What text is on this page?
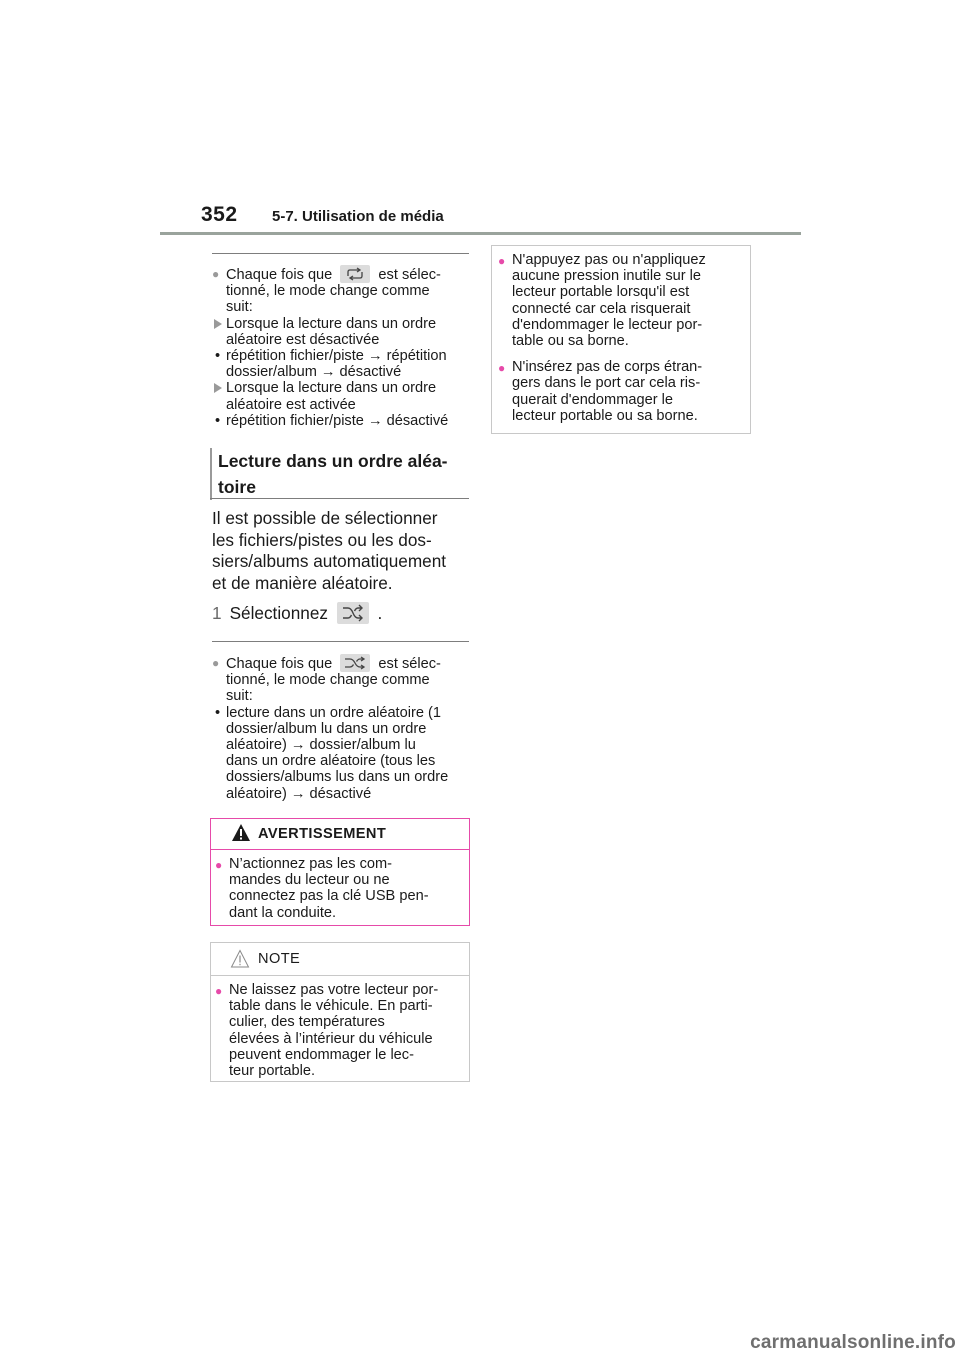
352 5-7. Utilisation de média
● Chaque fois que	est sélec-
tionné, le mode change comme
suit:
Lorsque la lecture dans un ordre
aléatoire est désactivée
• répétition fichier/piste → répétition
dossier/album → désactivé
Lorsque la lecture dans un ordre
aléatoire est activée
• répétition fichier/piste → désactivé
Lecture dans un ordre aléa-
toire
Il est possible de sélectionner
les fichiers/pistes ou les dos-
siers/albums automatiquement
et de manière aléatoire.
1 Sélectionnez	.
● Chaque fois que	est sélec-
tionné, le mode change comme
suit:
• lecture dans un ordre aléatoire (1
dossier/album lu dans un ordre
aléatoire) → dossier/album lu
dans un ordre aléatoire (tous les
dossiers/albums lus dans un ordre
aléatoire) → désactivé
AVERTISSEMENT
● N’actionnez pas les com-
mandes du lecteur ou ne
connectez pas la clé USB pen-
dant la conduite.
NOTE
● Ne laissez pas votre lecteur por-
table dans le véhicule. En parti-
culier, des températures
élevées à l’intérieur du véhicule
peuvent endommager le lec-
teur portable.
● N'appuyez pas ou n'appliquez
aucune pression inutile sur le
lecteur portable lorsqu'il est
connecté car cela risquerait
d'endommager le lecteur por-
table ou sa borne.
● N'insérez pas de corps étran-
gers dans le port car cela ris-
querait d'endommager le
lecteur portable ou sa borne.
carmanualsonline.info
